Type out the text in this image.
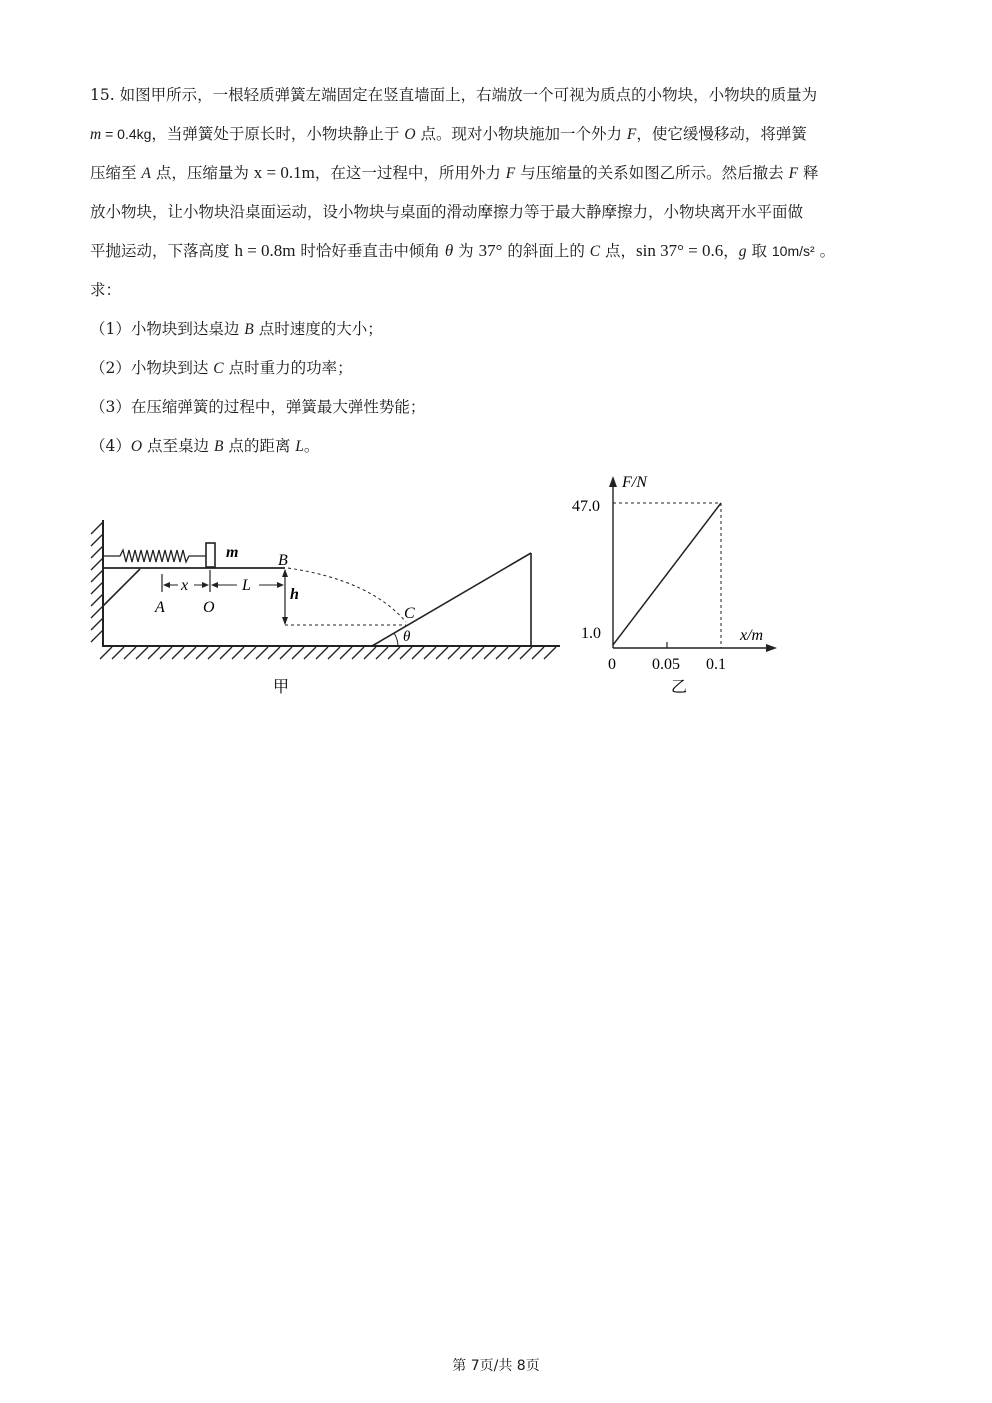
15. 如图甲所示，一根轻质弹簧左端固定在竖直墙面上，右端放一个可视为质点的小物块，小物块的质量为
m = 0.4kg，当弹簧处于原长时，小物块静止于 O 点。现对小物块施加一个外力 F，使它缓慢移动，将弹簧
压缩至 A 点，压缩量为 x = 0.1m，在这一过程中，所用外力 F 与压缩量的关系如图乙所示。然后撤去 F 释
放小物块，让小物块沿桌面运动，设小物块与桌面的滑动摩擦力等于最大静摩擦力，小物块离开水平面做
平抛运动，下落高度 h = 0.8m 时恰好垂直击中倾角 θ 为 37° 的斜面上的 C 点，sin 37° = 0.6，g 取 10m/s² 。
求：
（1）小物块到达桌边 B 点时速度的大小；
（2）小物块到达 C 点时重力的功率；
（3）在压缩弹簧的过程中，弹簧最大弹性势能；
（4）O 点至桌边 B 点的距离 L。
m B
x	L
A O
h
C
θ
甲
F/N
x/m
47.0
1.0
0 0.05 0.1
乙
第 7页/共 8页
